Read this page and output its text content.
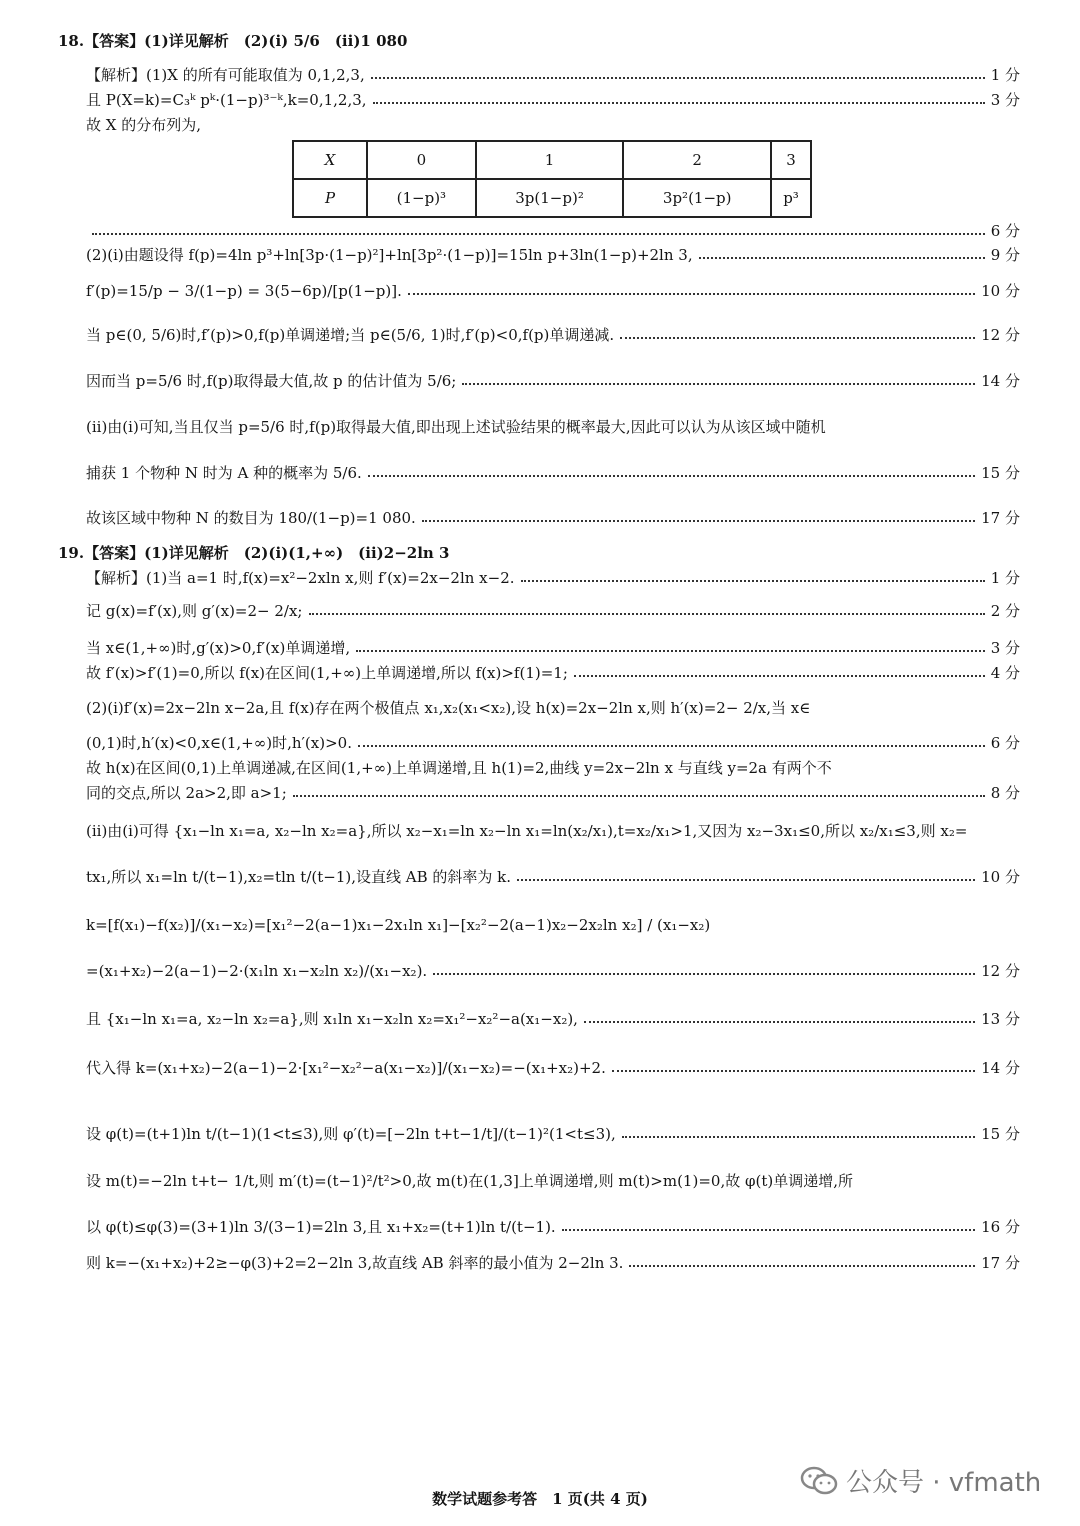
18.【答案】(1)详见解析　(2)(i) 5/6　(ii)1 080
【解析】(1)X 的所有可能取值为 0,1,2,3,	1 分
且 P(X=k)=C₃ᵏ pᵏ·(1−p)³⁻ᵏ,k=0,1,2,3,	3 分
故 X 的分布列为,
X	0	1	2	3
P	(1−p)³	3p(1−p)²	3p²(1−p)	p³
6 分
(2)(i)由题设得 f(p)=4ln p³+ln[3p·(1−p)²]+ln[3p²·(1−p)]=15ln p+3ln(1−p)+2ln 3,	9 分
f′(p)=15/p − 3/(1−p) = 3(5−6p)/[p(1−p)].	10 分
当 p∈(0, 5/6)时,f′(p)>0,f(p)单调递增;当 p∈(5/6, 1)时,f′(p)<0,f(p)单调递减.	12 分
因而当 p=5/6 时,f(p)取得最大值,故 p 的估计值为 5/6;	14 分
(ii)由(i)可知,当且仅当 p=5/6 时,f(p)取得最大值,即出现上述试验结果的概率最大,因此可以认为从该区域中随机
捕获 1 个物种 N 时为 A 种的概率为 5/6.	15 分
故该区域中物种 N 的数目为 180/(1−p)=1 080.	17 分
19.【答案】(1)详见解析　(2)(i)(1,+∞)　(ii)2−2ln 3
【解析】(1)当 a=1 时,f(x)=x²−2xln x,则 f′(x)=2x−2ln x−2.	1 分
记 g(x)=f′(x),则 g′(x)=2− 2/x;	2 分
当 x∈(1,+∞)时,g′(x)>0,f′(x)单调递增,	3 分
故 f′(x)>f′(1)=0,所以 f(x)在区间(1,+∞)上单调递增,所以 f(x)>f(1)=1;	4 分
(2)(i)f′(x)=2x−2ln x−2a,且 f(x)存在两个极值点 x₁,x₂(x₁<x₂),设 h(x)=2x−2ln x,则 h′(x)=2− 2/x,当 x∈
(0,1)时,h′(x)<0,x∈(1,+∞)时,h′(x)>0.	6 分
故 h(x)在区间(0,1)上单调递减,在区间(1,+∞)上单调递增,且 h(1)=2,曲线 y=2x−2ln x 与直线 y=2a 有两个不
同的交点,所以 2a>2,即 a>1;	8 分
(ii)由(i)可得 {x₁−ln x₁=a, x₂−ln x₂=a},所以 x₂−x₁=ln x₂−ln x₁=ln(x₂/x₁),t=x₂/x₁>1,又因为 x₂−3x₁≤0,所以 x₂/x₁≤3,则 x₂=
tx₁,所以 x₁=ln t/(t−1),x₂=tln t/(t−1),设直线 AB 的斜率为 k.	10 分
k=[f(x₁)−f(x₂)]/(x₁−x₂)=[x₁²−2(a−1)x₁−2x₁ln x₁]−[x₂²−2(a−1)x₂−2x₂ln x₂] / (x₁−x₂)
=(x₁+x₂)−2(a−1)−2·(x₁ln x₁−x₂ln x₂)/(x₁−x₂).	12 分
且 {x₁−ln x₁=a, x₂−ln x₂=a},则 x₁ln x₁−x₂ln x₂=x₁²−x₂²−a(x₁−x₂),	13 分
代入得 k=(x₁+x₂)−2(a−1)−2·[x₁²−x₂²−a(x₁−x₂)]/(x₁−x₂)=−(x₁+x₂)+2.	14 分
设 φ(t)=(t+1)ln t/(t−1)(1<t≤3),则 φ′(t)=[−2ln t+t−1/t]/(t−1)²(1<t≤3),	15 分
设 m(t)=−2ln t+t− 1/t,则 m′(t)=(t−1)²/t²>0,故 m(t)在(1,3]上单调递增,则 m(t)>m(1)=0,故 φ(t)单调递增,所
以 φ(t)≤φ(3)=(3+1)ln 3/(3−1)=2ln 3,且 x₁+x₂=(t+1)ln t/(t−1).	16 分
则 k=−(x₁+x₂)+2≥−φ(3)+2=2−2ln 3,故直线 AB 斜率的最小值为 2−2ln 3.	17 分
公众号 · vfmath
数学试题参考答　1 页(共 4 页)
